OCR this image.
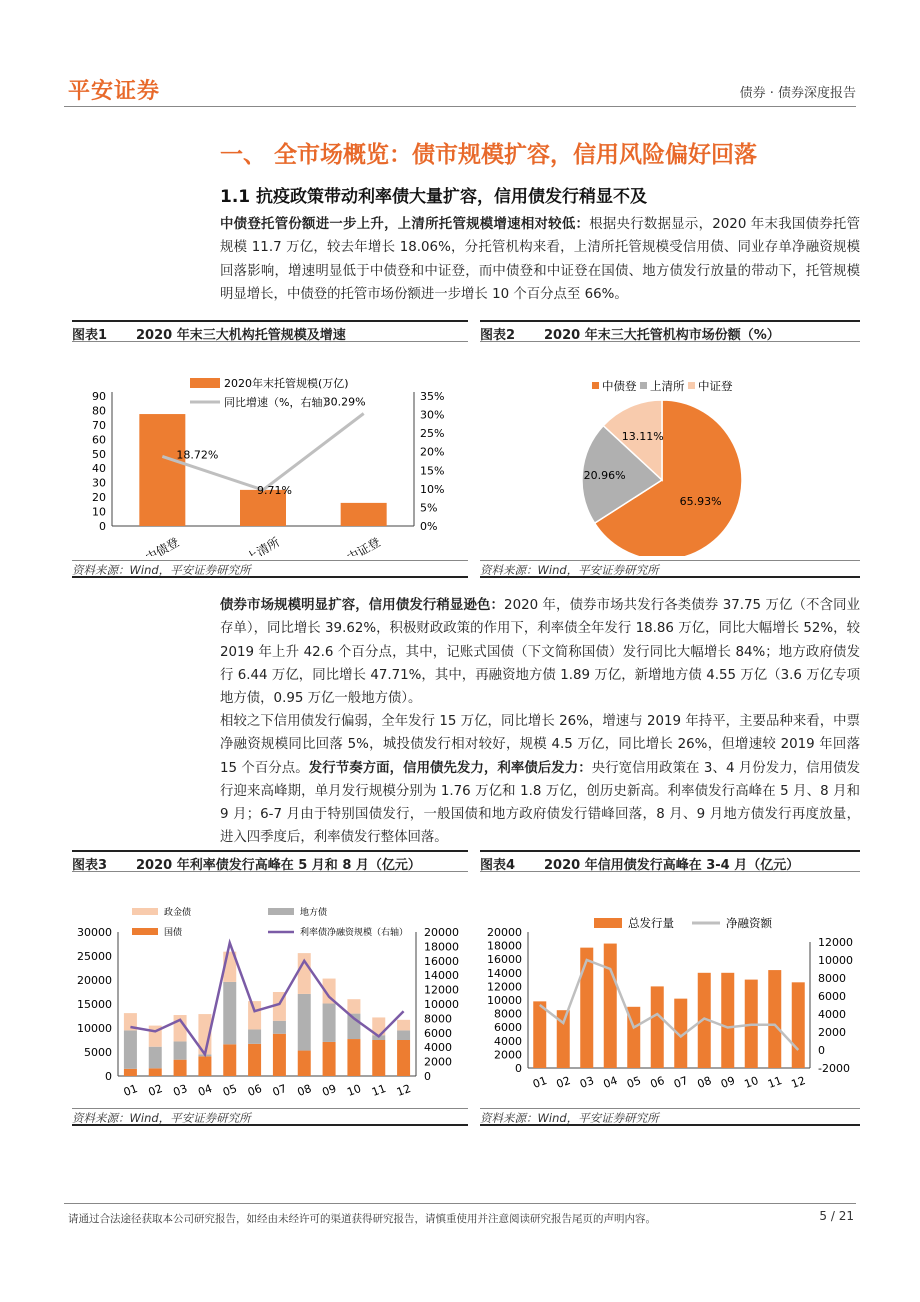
平安证券	债券 · 债券深度报告
一、 全市场概览：债市规模扩容，信用风险偏好回落
1.1 抗疫政策带动利率债大量扩容，信用债发行稍显不及
中债登托管份额进一步上升，上清所托管规模增速相对较低：根据央行数据显示，2020 年末我国债券托管规模 11.7 万亿，较去年增长 18.06%，分托管机构来看，上清所托管规模受信用债、同业存单净融资规模回落影响，增速明显低于中债登和中证登，而中债登和中证登在国债、地方债发行放量的带动下，托管规模明显增长，中债登的托管市场份额进一步增长 10 个百分点至 66%。
图表1 2020 年末三大机构托管规模及增速
0
10
20
30
40
50
60
70
80
90
0%
5%
10%
15%
20%
25%
30%
35%
中债登	上清所	中证登
18.72%
9.71%
30.29%
2020年末托管规模(万亿)
同比增速（%，右轴）
资料来源：Wind，平安证券研究所
图表2 2020 年末三大托管机构市场份额（%）
65.93%
20.96%
13.11%
中债登 上清所 中证登
资料来源：Wind，平安证券研究所
债券市场规模明显扩容，信用债发行稍显逊色：2020 年，债券市场共发行各类债券 37.75 万亿（不含同业存单），同比增长 39.62%，积极财政政策的作用下，利率债全年发行 18.86 万亿，同比大幅增长 52%，较 2019 年上升 42.6 个百分点，其中，记账式国债（下文简称国债）发行同比大幅增长 84%；地方政府债发行 6.44 万亿，同比增长 47.71%，其中，再融资地方债 1.89 万亿，新增地方债 4.55 万亿（3.6 万亿专项地方债，0.95 万亿一般地方债）。
相较之下信用债发行偏弱，全年发行 15 万亿，同比增长 26%，增速与 2019 年持平，主要品种来看，中票净融资规模同比回落 5%，城投债发行相对较好，规模 4.5 万亿，同比增长 26%，但增速较 2019 年回落 15 个百分点。发行节奏方面，信用债先发力，利率债后发力：央行宽信用政策在 3、4 月份发力，信用债发行迎来高峰期，单月发行规模分别为 1.76 万亿和 1.8 万亿，创历史新高。利率债发行高峰在 5 月、8 月和 9 月；6-7 月由于特别国债发行，一般国债和地方政府债发行错峰回落，8 月、9 月地方债发行再度放量，进入四季度后，利率债发行整体回落。
图表3 2020 年利率债发行高峰在 5 月和 8 月（亿元）
0
5000
10000
15000
20000
25000
30000
0
2000
4000
6000
8000
10000
12000
14000
16000
18000
20000
01 02 03 04 05 06 07 08 09 10 11 12
政金债	地方债
国债	利率债净融资规模（右轴）
资料来源：Wind，平安证券研究所
图表4 2020 年信用债发行高峰在 3-4 月（亿元）
0
2000
4000
6000
8000
10000
12000
14000
16000
18000
20000
-2000
0
2000
4000
6000
8000
10000
12000
01 02 03 04 05 06 07 08 09 10 11 12
总发行量	净融资额
资料来源：Wind，平安证券研究所
请通过合法途径获取本公司研究报告，如经由未经许可的渠道获得研究报告，请慎重使用并注意阅读研究报告尾页的声明内容。	5 / 21
